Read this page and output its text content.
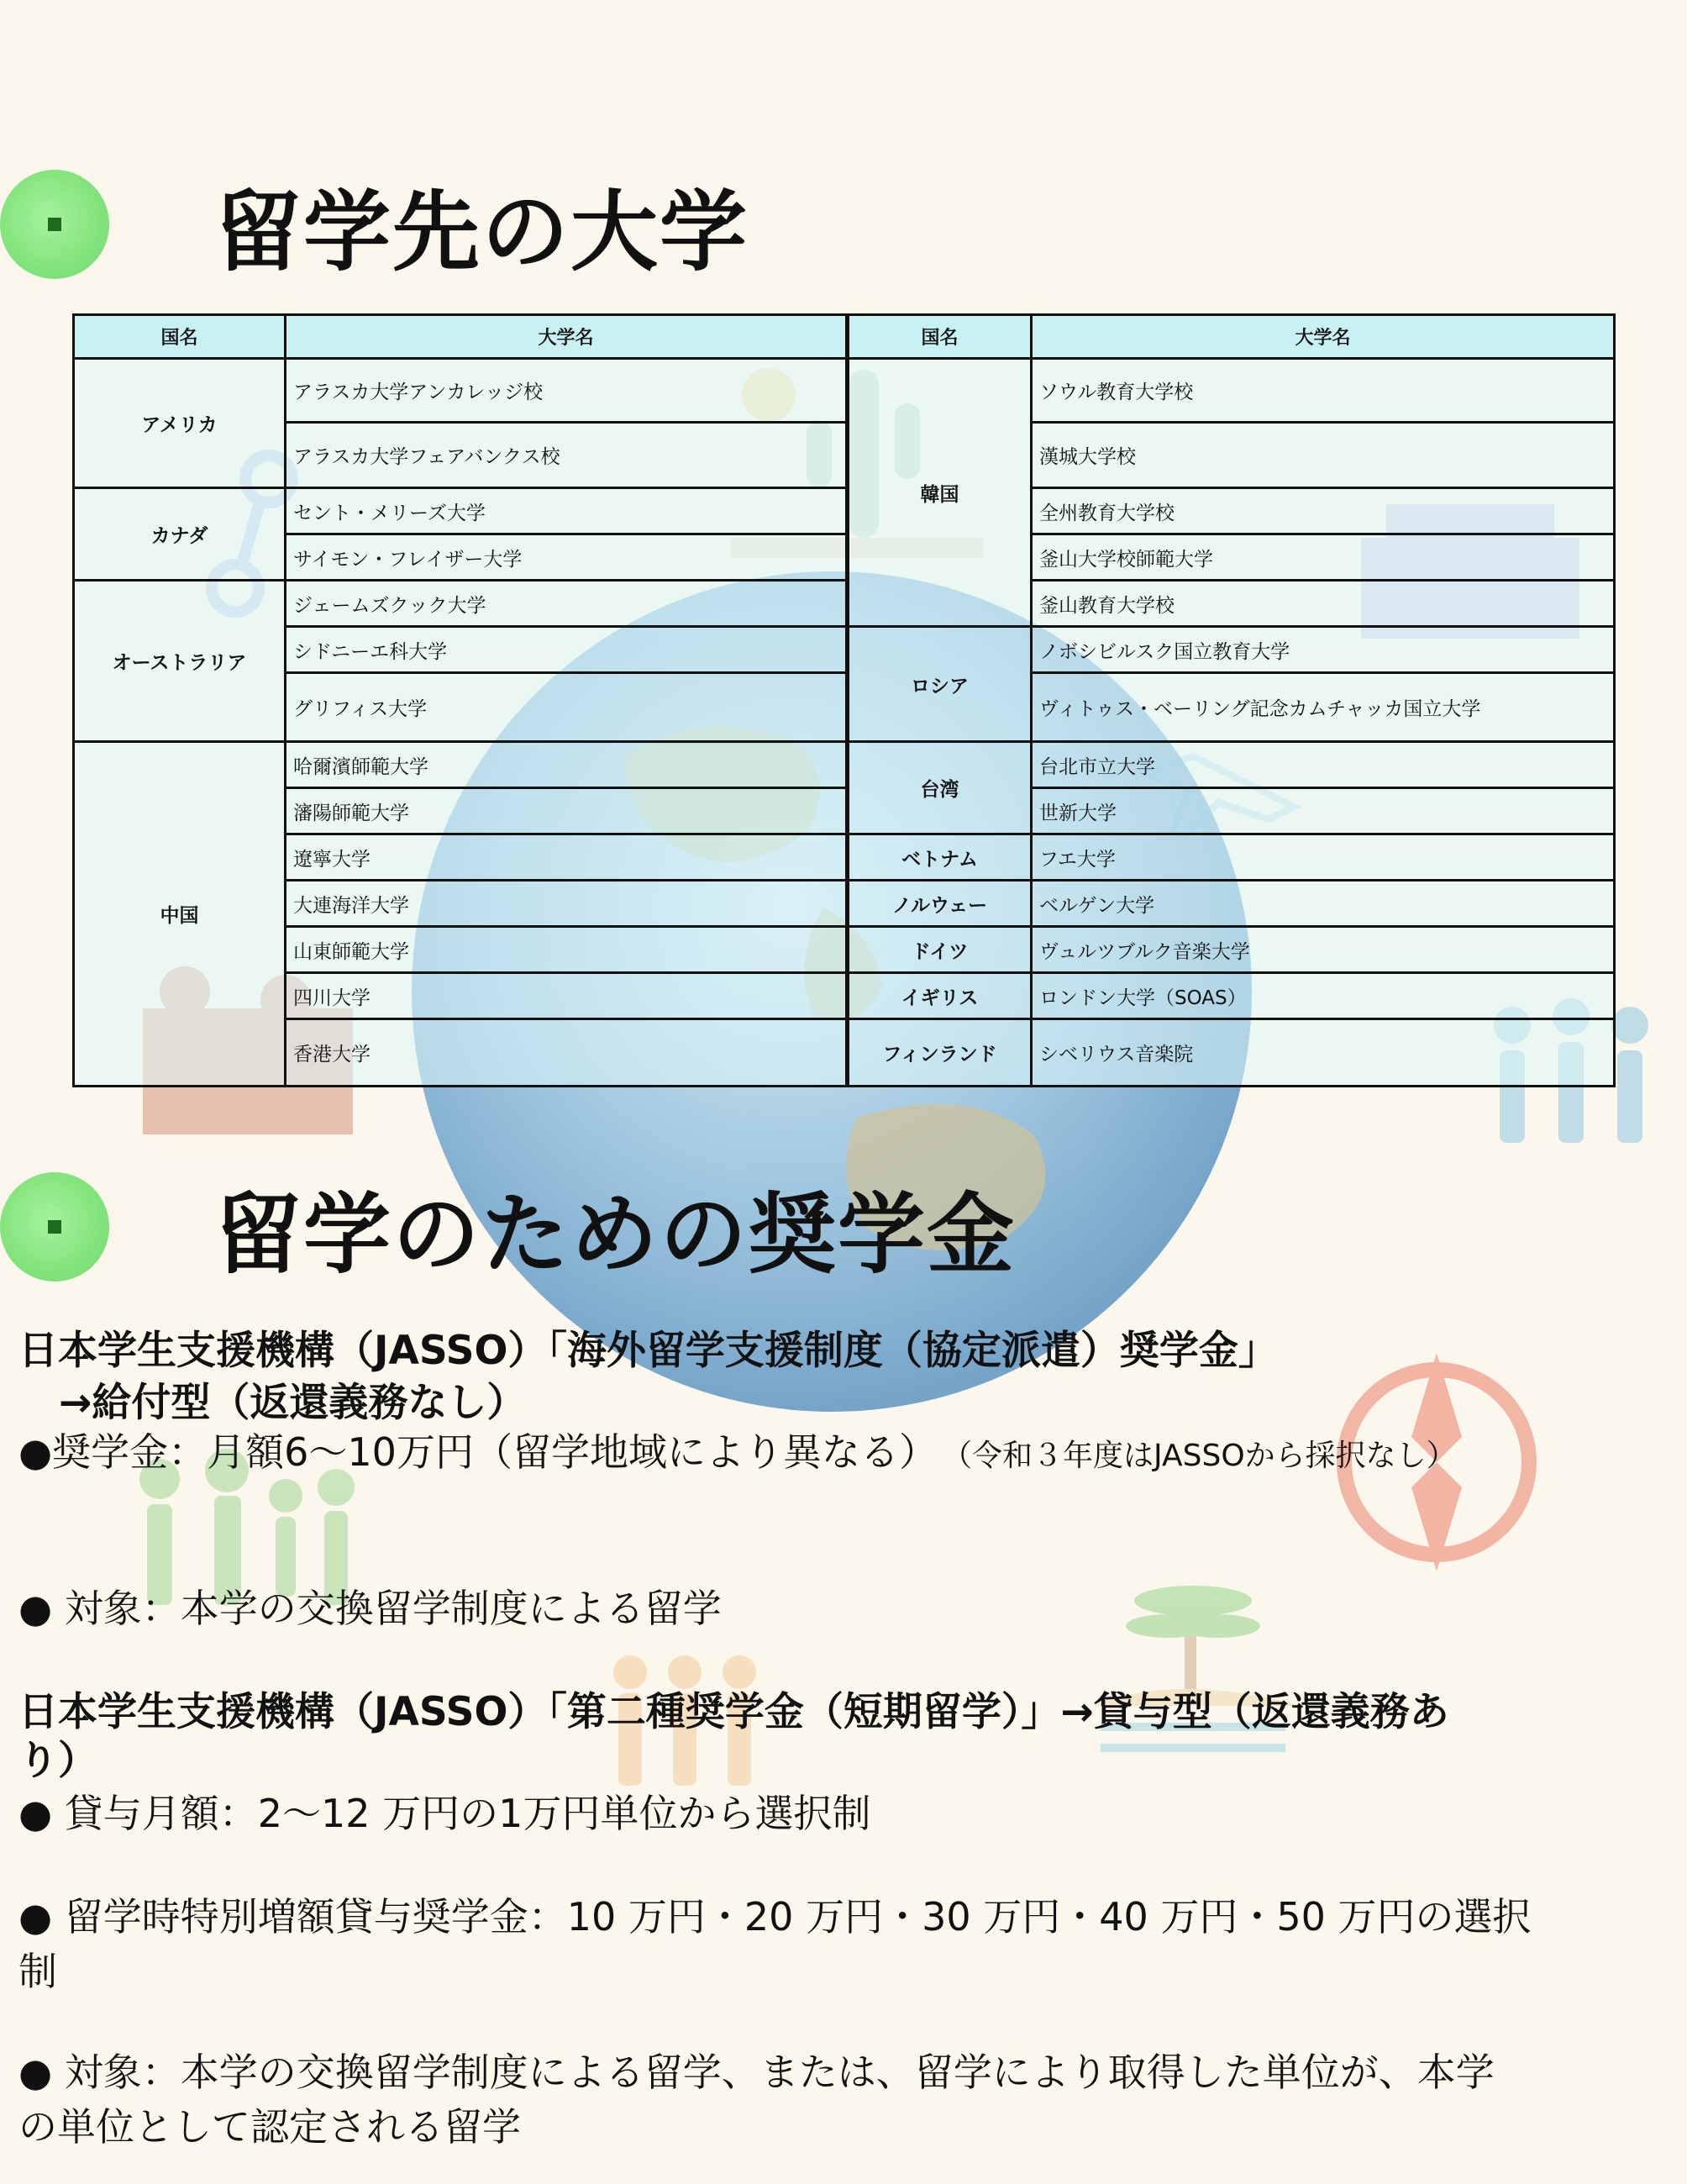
留学先の大学
国名	大学名
アメリカ	アラスカ大学アンカレッジ校
	アラスカ大学フェアバンクス校
カナダ	セント・メリーズ大学
	サイモン・フレイザー大学
オーストラリア	ジェームズクック大学
	シドニーエ科大学
	グリフィス大学
中国	哈爾濱師範大学
	瀋陽師範大学
	遼寧大学
	大連海洋大学
	山東師範大学
	四川大学
	香港大学
国名	大学名
韓国	ソウル教育大学校
	漢城大学校
	全州教育大学校
	釜山大学校師範大学
	釜山教育大学校
ロシア	ノボシビルスク国立教育大学
	ヴィトゥス・ベーリング記念カムチャッカ国立大学
台湾	台北市立大学
	世新大学
ベトナム	フエ大学
ノルウェー	ベルゲン大学
ドイツ	ヴュルツブルク音楽大学
イギリス	ロンドン大学（SOAS）
フィンランド	シベリウス音楽院
留学のための奨学金
日本学生支援機構（JASSO）「海外留学支援制度（協定派遣）奨学金」
→給付型（返還義務なし）
●奨学金：月額6～10万円（留学地域により異なる） （令和３年度はJASSOから採択なし）
● 対象：本学の交換留学制度による留学
日本学生支援機構（JASSO）「第二種奨学金（短期留学）」→貸与型（返還義務あ
り）
● 貸与月額：2～12 万円の1万円単位から選択制
● 留学時特別増額貸与奨学金：10 万円・20 万円・30 万円・40 万円・50 万円の選択
制
● 対象：本学の交換留学制度による留学、または、留学により取得した単位が、本学
の単位として認定される留学
